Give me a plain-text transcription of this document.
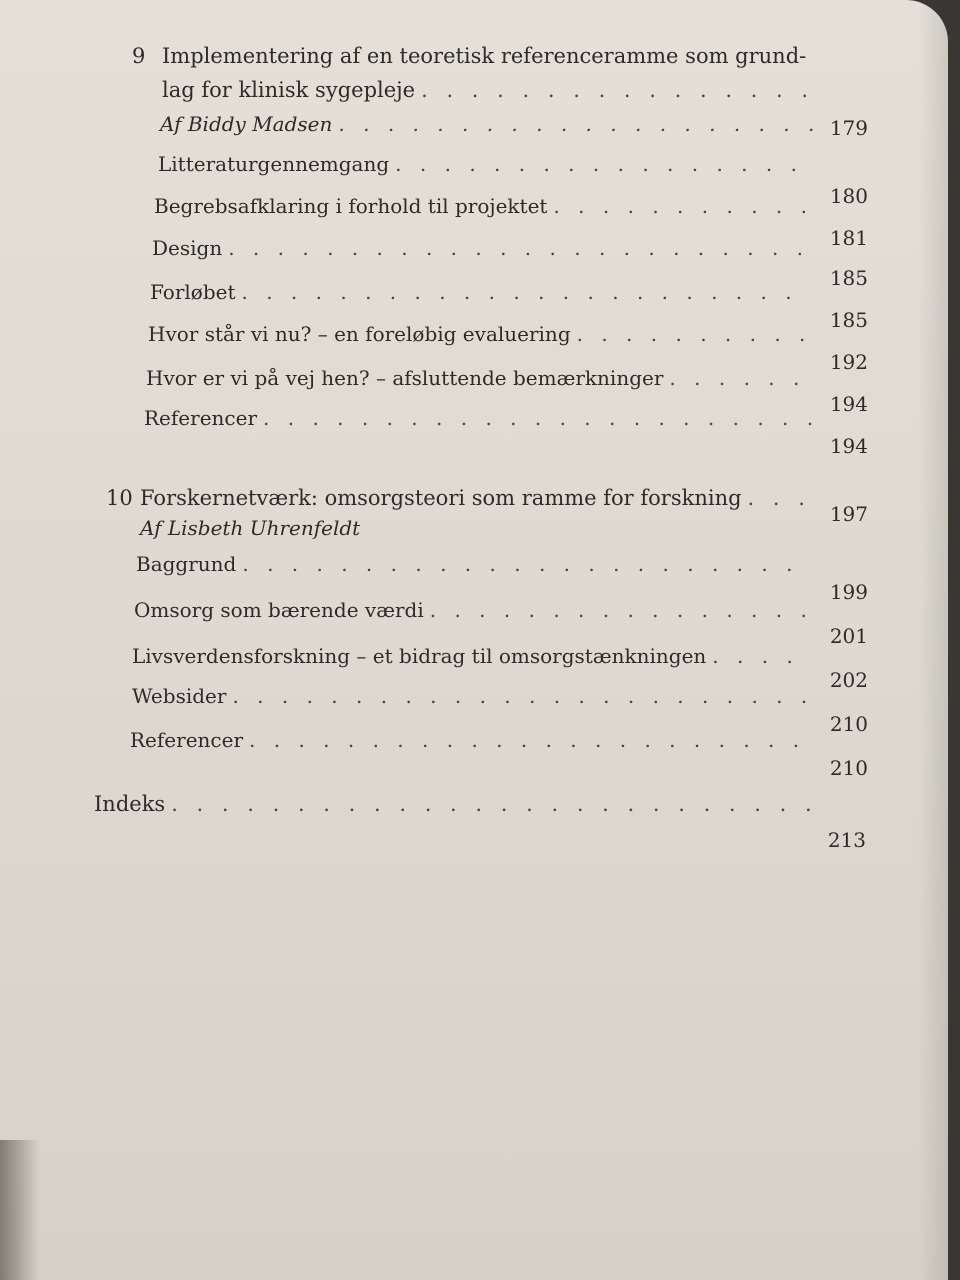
9 Implementering af en teoretisk referenceramme som grund-
lag for klinisk sygepleje
. . .
Af Biddy Madsen
. . .	179
Litteraturgennemgang
. . .
180
Begrebsafklaring i forhold til projektet
. . .
181
Design
. . .
185
Forløbet
. . .
185
Hvor står vi nu? – en foreløbig evaluering
. . .
192
Hvor er vi på vej hen? – afsluttende bemærkninger
. . .
194
Referencer
. . .
194
10 Forskernetværk: omsorgsteori som ramme for forskning
. . .
197
Af Lisbeth Uhrenfeldt
Baggrund
. . .
199
Omsorg som bærende værdi
. . .
201
Livsverdensforskning – et bidrag til omsorgstænkningen
. . .
202
Websider
. . .
210
Referencer
. . .
210
Indeks
. . .
213
